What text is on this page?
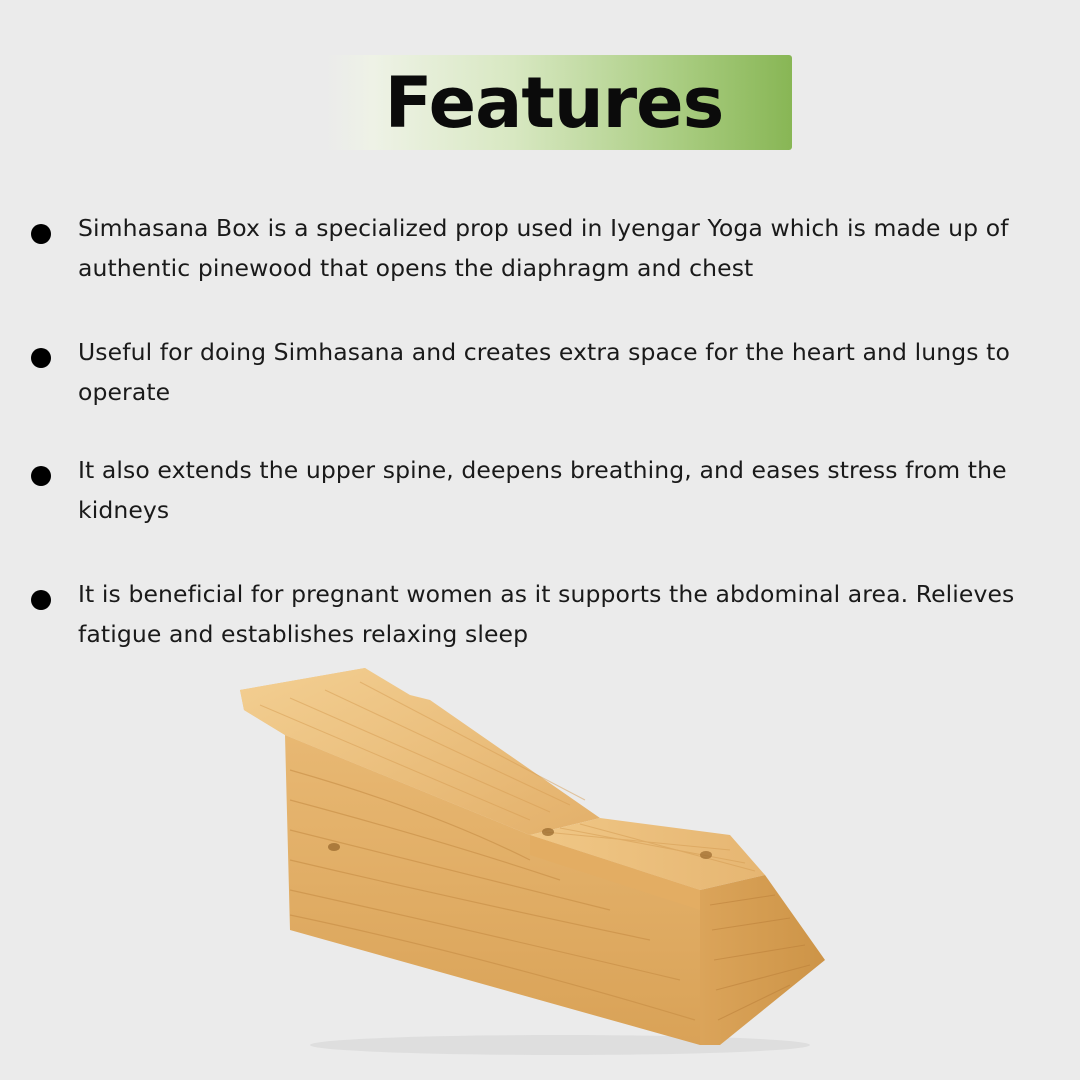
Features
Simhasana Box is a specialized prop used in Iyengar Yoga which is made up of authentic pinewood that opens the diaphragm and chest
Useful for doing Simhasana and creates extra space for the heart and lungs to operate
It also extends the upper spine, deepens breathing, and eases stress from the kidneys
It is beneficial for pregnant women as it supports the abdominal area. Relieves fatigue and establishes relaxing sleep
